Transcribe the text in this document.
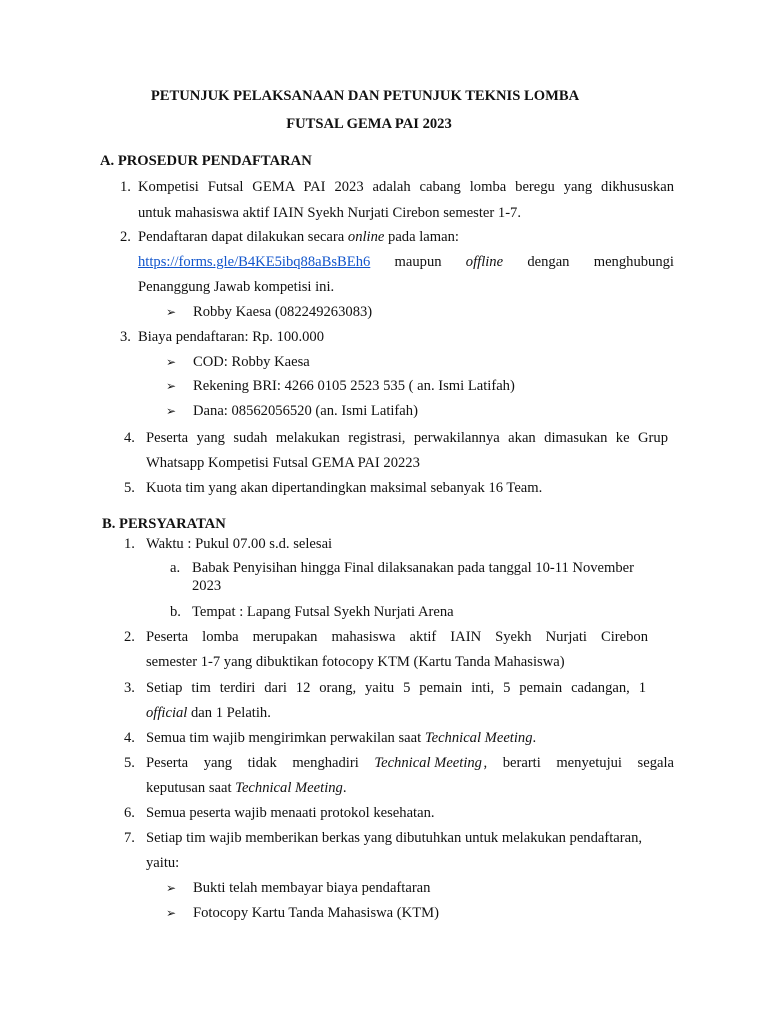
PETUNJUK PELAKSANAAN DAN PETUNJUK TEKNIS LOMBA
FUTSAL GEMA PAI 2023
A. PROSEDUR PENDAFTARAN
1. Kompetisi Futsal GEMA PAI 2023 adalah cabang lomba beregu yang dikhususkan
untuk mahasiswa aktif IAIN Syekh Nurjati Cirebon semester 1-7.
2. Pendaftaran dapat dilakukan secara online pada laman:
https://forms.gle/B4KE5ibq88aBsBEh6 maupun offline dengan menghubungi
Penanggung Jawab kompetisi ini.
➢ Robby Kaesa (082249263083)
3. Biaya pendaftaran: Rp. 100.000
➢ COD: Robby Kaesa
➢ Rekening BRI: 4266 0105 2523 535 ( an. Ismi Latifah)
➢ Dana: 08562056520 (an. Ismi Latifah)
4. Peserta yang sudah melakukan registrasi, perwakilannya akan dimasukan ke Grup
Whatsapp Kompetisi Futsal GEMA PAI 20223
5. Kuota tim yang akan dipertandingkan maksimal sebanyak 16 Team.
B. PERSYARATAN
1. Waktu : Pukul 07.00 s.d. selesai
a. Babak Penyisihan hingga Final dilaksanakan pada tanggal 10-11 November
2023
b. Tempat : Lapang Futsal Syekh Nurjati Arena
2. Peserta lomba merupakan mahasiswa aktif IAIN Syekh Nurjati Cirebon
semester 1-7 yang dibuktikan fotocopy KTM (Kartu Tanda Mahasiswa)
3. Setiap tim terdiri dari 12 orang, yaitu 5 pemain inti, 5 pemain cadangan, 1
official dan 1 Pelatih.
4. Semua tim wajib mengirimkan perwakilan saat Technical Meeting.
5. Peserta yang tidak menghadiri Technical Meeting , berarti menyetujui segala
keputusan saat Technical Meeting.
6. Semua peserta wajib menaati protokol kesehatan.
7. Setiap tim wajib memberikan berkas yang dibutuhkan untuk melakukan pendaftaran,
yaitu:
➢ Bukti telah membayar biaya pendaftaran
➢ Fotocopy Kartu Tanda Mahasiswa (KTM)
